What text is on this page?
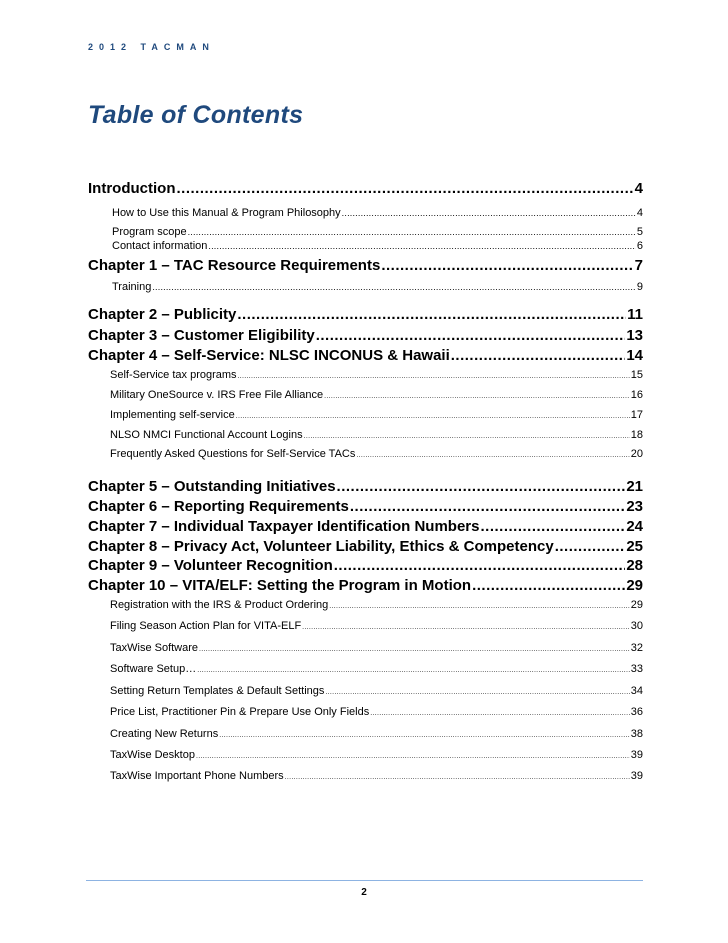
2012 TACMAN
Table of Contents
Introduction .....	4
How to Use this Manual & Program Philosophy .....	4
Program scope .....	5
Contact information .....	6
Chapter 1 – TAC Resource Requirements .....	7
Training .....	9
Chapter 2 – Publicity .....	11
Chapter 3 – Customer Eligibility .....	13
Chapter 4 – Self-Service: NLSC INCONUS & Hawaii .....	14
Self-Service tax programs .....	15
Military OneSource v. IRS Free File Alliance .....	16
Implementing self-service .....	17
NLSO NMCI Functional Account Logins .....	18
Frequently Asked Questions for Self-Service TACs .....	20
Chapter 5 – Outstanding Initiatives .....	21
Chapter 6 – Reporting Requirements .....	23
Chapter 7 – Individual Taxpayer Identification Numbers .....	24
Chapter 8 – Privacy Act, Volunteer Liability, Ethics & Competency .....	25
Chapter 9 – Volunteer Recognition .....	28
Chapter 10 – VITA/ELF: Setting the Program in Motion .....	29
Registration with the IRS & Product Ordering .....	29
Filing Season Action Plan for VITA-ELF .....	30
TaxWise Software .....	32
Software Setup… .....	33
Setting Return Templates & Default Settings .....	34
Price List, Practitioner Pin & Prepare Use Only Fields .....	36
Creating New Returns .....	38
TaxWise Desktop .....	39
TaxWise Important Phone Numbers .....	39
2
